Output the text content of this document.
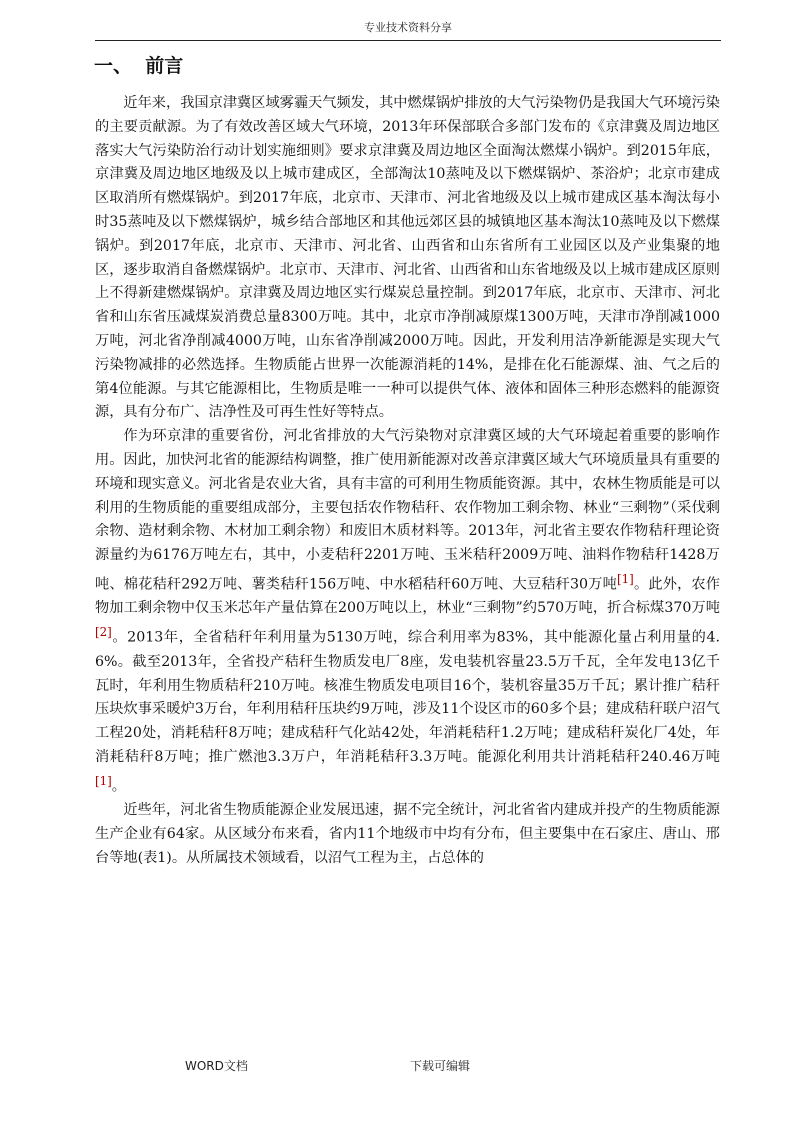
专业技术资料分享
一、  前言

近年来，我国京津冀区域雾霾天气频发，其中燃煤锅炉排放的大气污染物仍是我国大气环境污染的主要贡献源。为了有效改善区域大气环境，2013年环保部联合多部门发布的《京津冀及周边地区落实大气污染防治行动计划实施细则》要求京津冀及周边地区全面淘汰燃煤小锅炉。到2015年底，京津冀及周边地区地级及以上城市建成区，全部淘汰10蒸吨及以下燃煤锅炉、茶浴炉；北京市建成区取消所有燃煤锅炉。到2017年底，北京市、天津市、河北省地级及以上城市建成区基本淘汰每小时35蒸吨及以下燃煤锅炉，城乡结合部地区和其他远郊区县的城镇地区基本淘汰10蒸吨及以下燃煤锅炉。到2017年底，北京市、天津市、河北省、山西省和山东省所有工业园区以及产业集聚的地区，逐步取消自备燃煤锅炉。北京市、天津市、河北省、山西省和山东省地级及以上城市建成区原则上不得新建燃煤锅炉。京津冀及周边地区实行煤炭总量控制。到2017年底，北京市、天津市、河北省和山东省压减煤炭消费总量8300万吨。其中，北京市净削减原煤1300万吨，天津市净削减1000万吨，河北省净削减4000万吨，山东省净削减2000万吨。因此，开发利用洁净新能源是实现大气污染物减排的必然选择。生物质能占世界一次能源消耗的14%，是排在化石能源煤、油、气之后的第4位能源。与其它能源相比，生物质是唯一一种可以提供气体、液体和固体三种形态燃料的能源资源，具有分布广、洁净性及可再生性好等特点。

作为环京津的重要省份，河北省排放的大气污染物对京津冀区域的大气环境起着重要的影响作用。因此，加快河北省的能源结构调整，推广使用新能源对改善京津冀区域大气环境质量具有重要的环境和现实意义。河北省是农业大省，具有丰富的可利用生物质能资源。其中，农林生物质能是可以利用的生物质能的重要组成部分，主要包括农作物秸秆、农作物加工剩余物、林业“三剩物”（采伐剩余物、造材剩余物、木材加工剩余物）和废旧木质材料等。2013年，河北省主要农作物秸秆理论资源量约为6176万吨左右，其中，小麦秸秆2201万吨、玉米秸秆2009万吨、油料作物秸秆1428万吨、棉花秸秆292万吨、薯类秸秆156万吨、中水稻秸秆60万吨、大豆秸秆30万吨[1]。此外，农作物加工剩余物中仅玉米芯年产量估算在200万吨以上，林业“三剩物”约570万吨，折合标煤370万吨[2]。2013年，全省秸秆年利用量为5130万吨，综合利用率为83%，其中能源化量占利用量的4.6%。截至2013年，全省投产秸秆生物质发电厂8座，发电装机容量23.5万千瓦，全年发电13亿千瓦时，年利用生物质秸秆210万吨。核准生物质发电项目16个，装机容量35万千瓦；累计推广秸秆压块炊事采暖炉3万台，年利用秸秆压块约9万吨，涉及11个设区市的60多个县；建成秸秆联户沼气工程20处，消耗秸秆8万吨；建成秸秆气化站42处，年消耗秸秆1.2万吨；建成秸秆炭化厂4处，年消耗秸秆8万吨；推广燃池3.3万户，年消耗秸秆3.3万吨。能源化利用共计消耗秸秆240.46万吨[1]。

近些年，河北省生物质能源企业发展迅速，据不完全统计，河北省省内建成并投产的生物质能源生产企业有64家。从区域分布来看，省内11个地级市中均有分布，但主要集中在石家庄、唐山、邢台等地(表1)。从所属技术领域看，以沼气工程为主，占总体的

WORD文档	下载可编辑
